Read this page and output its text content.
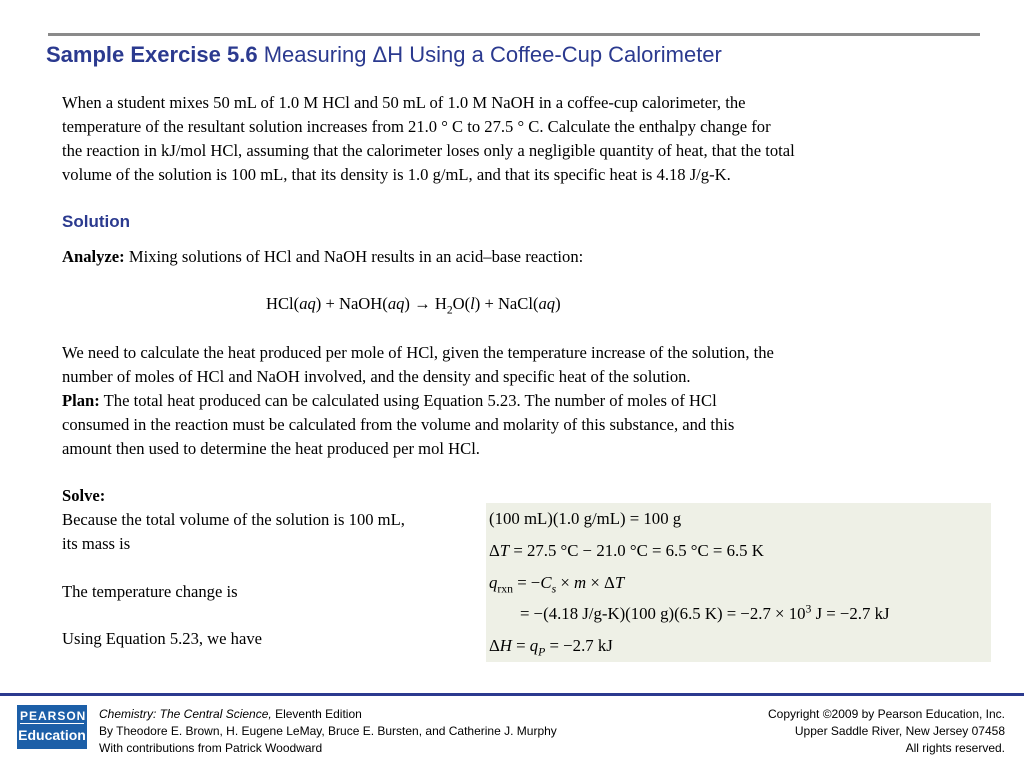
Sample Exercise 5.6 Measuring ΔH Using a Coffee-Cup Calorimeter
When a student mixes 50 mL of 1.0 M HCl and 50 mL of 1.0 M NaOH in a coffee-cup calorimeter, the
temperature of the resultant solution increases from 21.0 ° C to 27.5 ° C. Calculate the enthalpy change for
the reaction in kJ/mol HCl, assuming that the calorimeter loses only a negligible quantity of heat, that the total
volume of the solution is 100 mL, that its density is 1.0 g/mL, and that its specific heat is 4.18 J/g-K.
Solution
Analyze: Mixing solutions of HCl and NaOH results in an acid–base reaction:
HCl(aq) + NaOH(aq) → $H_2O(l)$ + NaCl(aq)
We need to calculate the heat produced per mole of HCl, given the temperature increase of the solution, the
number of moles of HCl and NaOH involved, and the density and specific heat of the solution.
Plan: The total heat produced can be calculated using Equation 5.23. The number of moles of HCl
consumed in the reaction must be calculated from the volume and molarity of this substance, and this
amount then used to determine the heat produced per mol HCl.
Solve:
Because the total volume of the solution is 100 mL,
its mass is
The temperature change is
Using Equation 5.23, we have
(100 mL)(1.0 g/mL) = 100 g
ΔT = 27.5 °C − 21.0 °C = 6.5 °C = 6.5 K
$q_{rxn} = -C_s \times m \times \Delta T$
= −(4.18 J/g-K)(100 g)(6.5 $K) = -2.7 \times 10^3$ J = −2.7 kJ
$\Delta H = q_P = -2.7$ kJ
PEARSON
Education
Chemistry: The Central Science, Eleventh Edition
By Theodore E. Brown, H. Eugene LeMay, Bruce E. Bursten, and Catherine J. Murphy
With contributions from Patrick Woodward
Copyright ©2009 by Pearson Education, Inc.
Upper Saddle River, New Jersey 07458
All rights reserved.
